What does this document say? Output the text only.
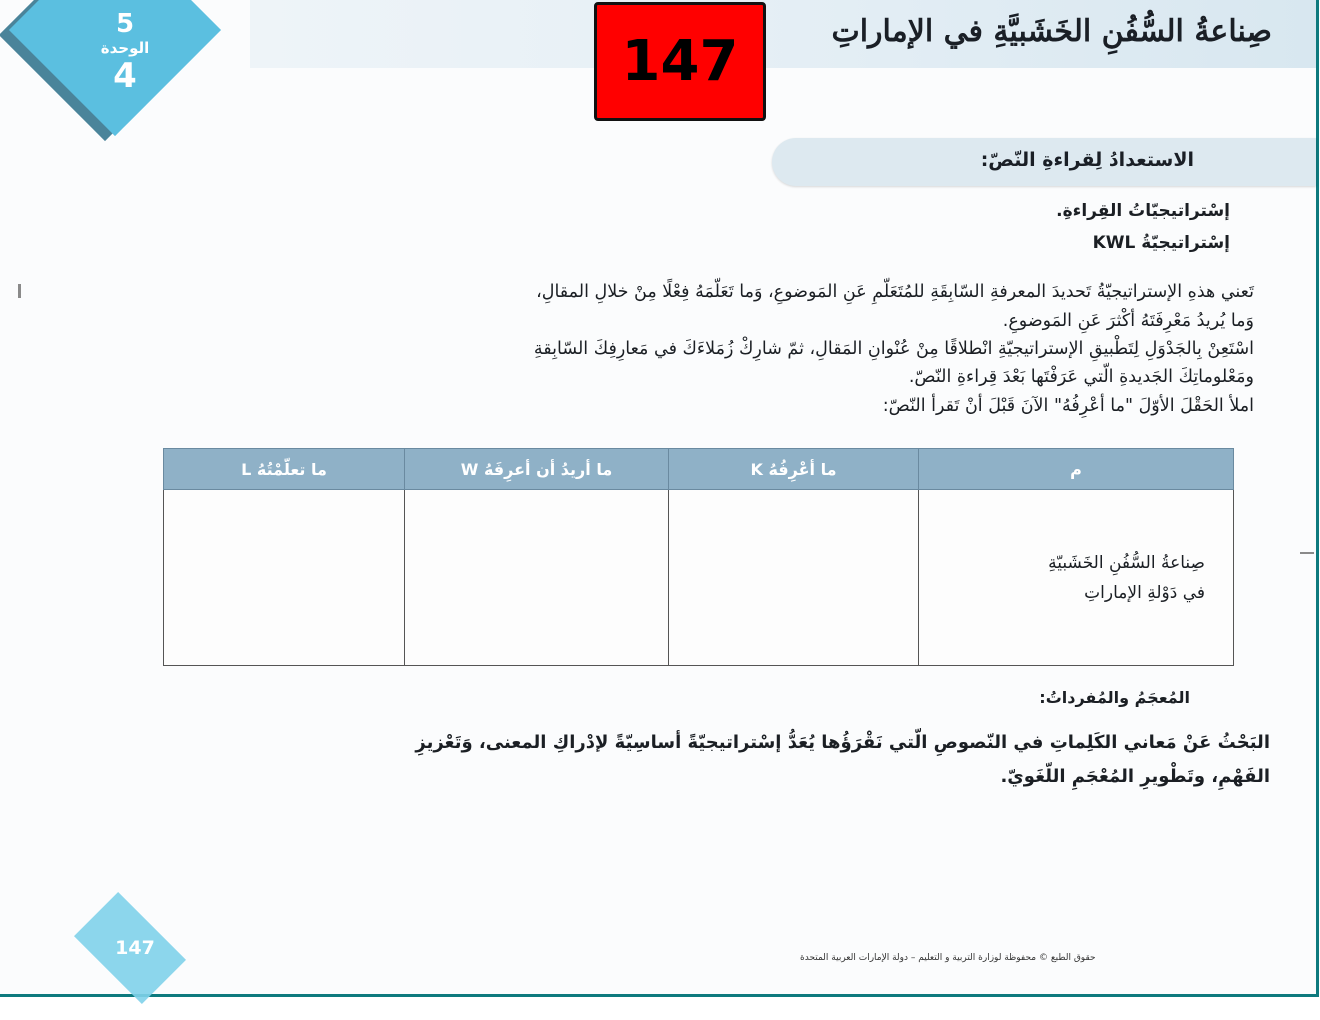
5
الوحدة
4
صِناعةُ السُّفُنِ الخَشَبيَّةِ في الإماراتِ
147
الاستعدادُ لِقراءةِ النّصّ:
إسْتراتيجيّاتُ القِراءةِ.
إسْتراتيجيّةُ KWL
تَعني هذهِ الإستراتيجيّةُ تَحديدَ المعرفةِ السّابِقَةِ للمُتَعَلّمِ عَنِ المَوضوعِ، وَما تَعَلّمَهُ فِعْلًا مِنْ خلالِ المقالِ،
وَما يُريدُ مَعْرِفَتَهُ أكْثرَ عَنِ المَوضوعِ.
اسْتَعِنْ بِالجَدْوَلِ لِتَطْبيقِ الإستراتيجيّةِ انْطلاقًا مِنْ عُنْوانِ المَقالِ، ثمّ شارِكْ زُمَلاءَكَ في مَعارِفِكَ السّابِقةِ
ومَعْلوماتِكَ الجَديدةِ الّتي عَرَفْتَها بَعْدَ قِراءةِ النّصّ.
املأ الحَقْلَ الأوّلَ "ما أعْرِفُهُ" الآنَ قَبْلَ أنْ تَقرأ النّصّ:
م	ما أعْرِفُهُ K	ما أريدُ أن أعرِفَهُ W	ما تعلّمْتُهُ L

صِناعةُ السُّفُنِ الخَشَبيّةِ
في دَوْلةِ الإماراتِ			

المُعجَمُ والمُفرداتُ:
البَحْثُ عَنْ مَعاني الكَلِماتِ في النّصوصِ الّتي نَقْرَؤُها يُعَدُّ إسْتراتيجيّةً أساسِيّةً لإدْراكِ المعنى، وَتَعْزيزِ
الفَهْمِ، وتَطْويرِ المُعْجَمِ اللّغَويّ.
147	حقوق الطبع © محفوظة لوزارة التربية و التعليم – دولة الإمارات العربية المتحدة
